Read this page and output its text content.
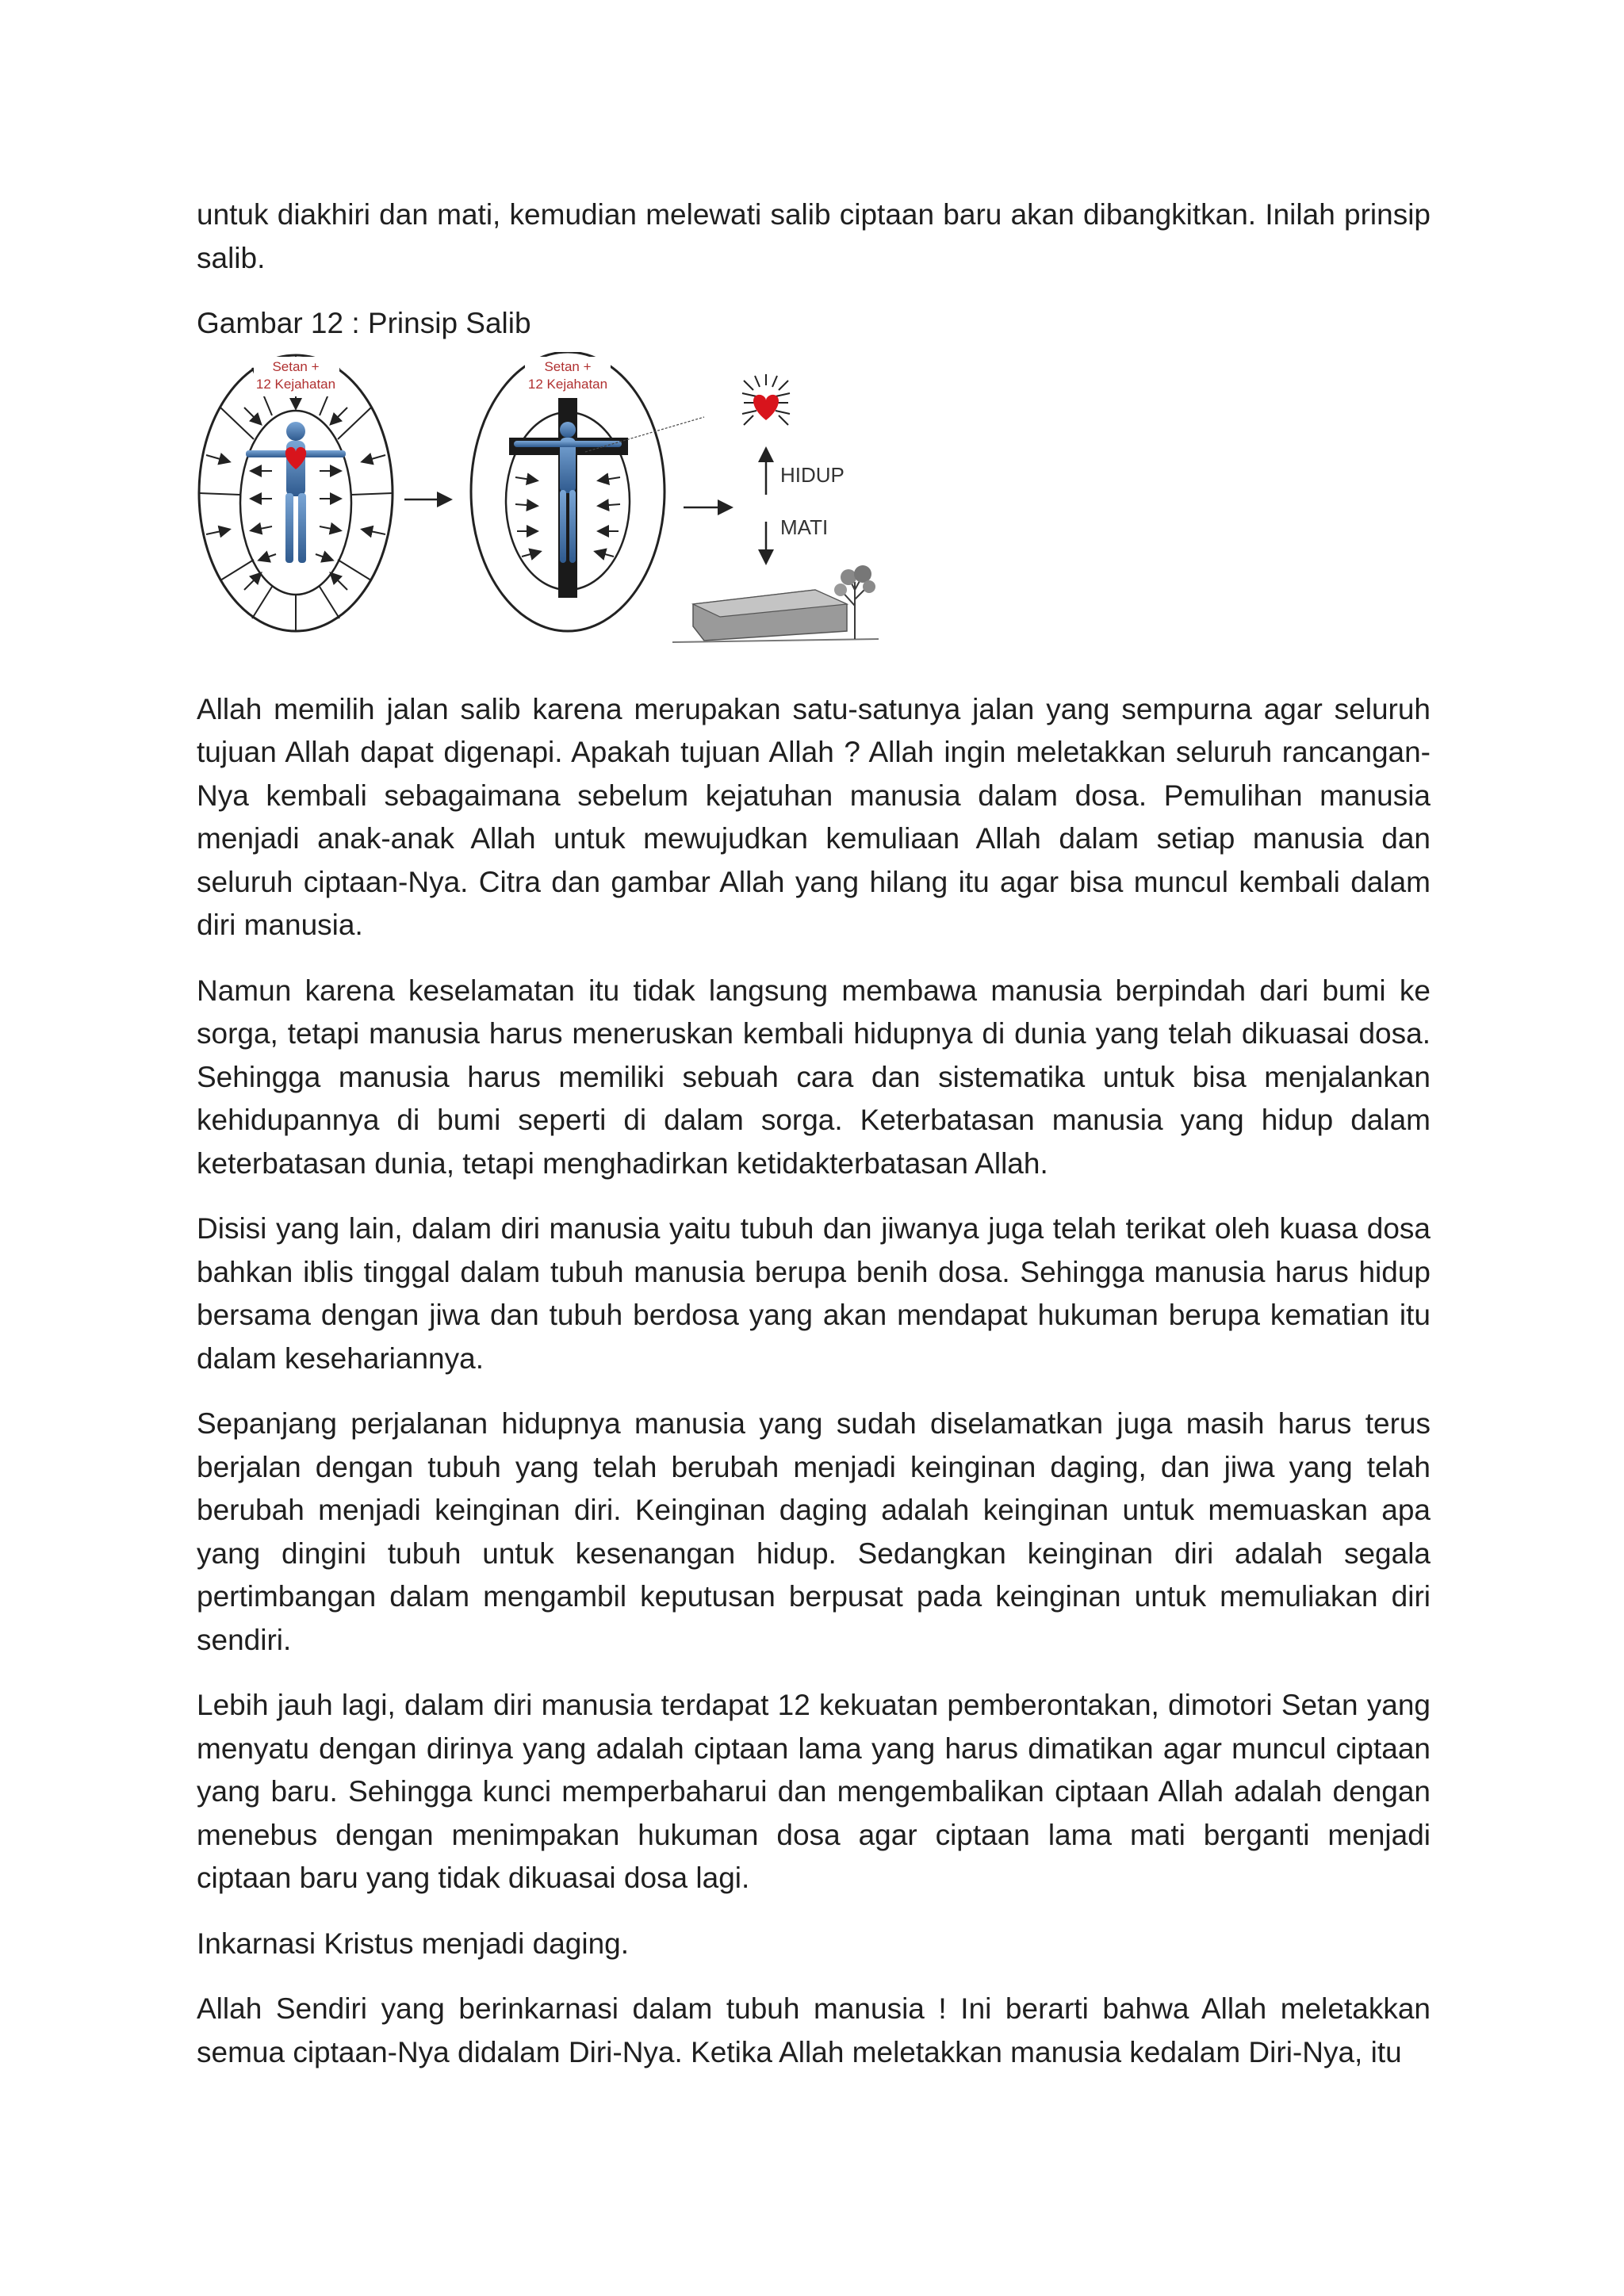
untuk diakhiri dan mati, kemudian melewati salib ciptaan baru akan dibangkitkan. Inilah prinsip salib.

Gambar 12 : Prinsip Salib

Setan +
12 Kejahatan
Setan +
12 Kejahatan
HIDUP
MATI

Allah memilih jalan salib karena merupakan satu-satunya jalan yang sempurna agar seluruh tujuan Allah dapat digenapi. Apakah tujuan Allah ? Allah ingin meletakkan seluruh rancangan-Nya kembali sebagaimana sebelum kejatuhan manusia dalam dosa. Pemulihan manusia menjadi anak-anak Allah untuk mewujudkan kemuliaan Allah dalam setiap manusia dan seluruh ciptaan-Nya. Citra dan gambar Allah yang hilang itu agar bisa muncul kembali dalam diri manusia.

Namun karena keselamatan itu tidak langsung membawa manusia berpindah dari bumi ke sorga, tetapi manusia harus meneruskan kembali hidupnya di dunia yang telah dikuasai dosa. Sehingga manusia harus memiliki sebuah cara dan sistematika untuk bisa menjalankan kehidupannya di bumi seperti di dalam sorga. Keterbatasan manusia yang hidup dalam keterbatasan dunia, tetapi menghadirkan ketidakterbatasan Allah.

Disisi yang lain, dalam diri manusia yaitu tubuh dan jiwanya juga telah terikat oleh kuasa dosa bahkan iblis tinggal dalam tubuh manusia berupa benih dosa. Sehingga manusia harus hidup bersama dengan jiwa dan tubuh berdosa yang akan mendapat hukuman berupa kematian itu dalam kesehariannya.

Sepanjang perjalanan hidupnya manusia yang sudah diselamatkan juga masih harus terus berjalan dengan tubuh yang telah berubah menjadi keinginan daging, dan jiwa yang telah berubah menjadi keinginan diri. Keinginan daging adalah keinginan untuk memuaskan apa yang dingini tubuh untuk kesenangan hidup. Sedangkan keinginan diri adalah segala pertimbangan dalam mengambil keputusan berpusat pada keinginan untuk memuliakan diri sendiri.

Lebih jauh lagi, dalam diri manusia terdapat 12 kekuatan pemberontakan, dimotori Setan yang menyatu dengan dirinya yang adalah ciptaan lama yang harus dimatikan agar muncul ciptaan yang baru. Sehingga kunci memperbaharui dan mengembalikan ciptaan Allah adalah dengan menebus dengan menimpakan hukuman dosa agar ciptaan lama mati berganti menjadi ciptaan baru yang tidak dikuasai dosa lagi.

Inkarnasi Kristus menjadi daging.

Allah Sendiri yang berinkarnasi dalam tubuh manusia ! Ini berarti bahwa Allah meletakkan semua ciptaan-Nya didalam Diri-Nya. Ketika Allah meletakkan manusia kedalam Diri-Nya, itu
